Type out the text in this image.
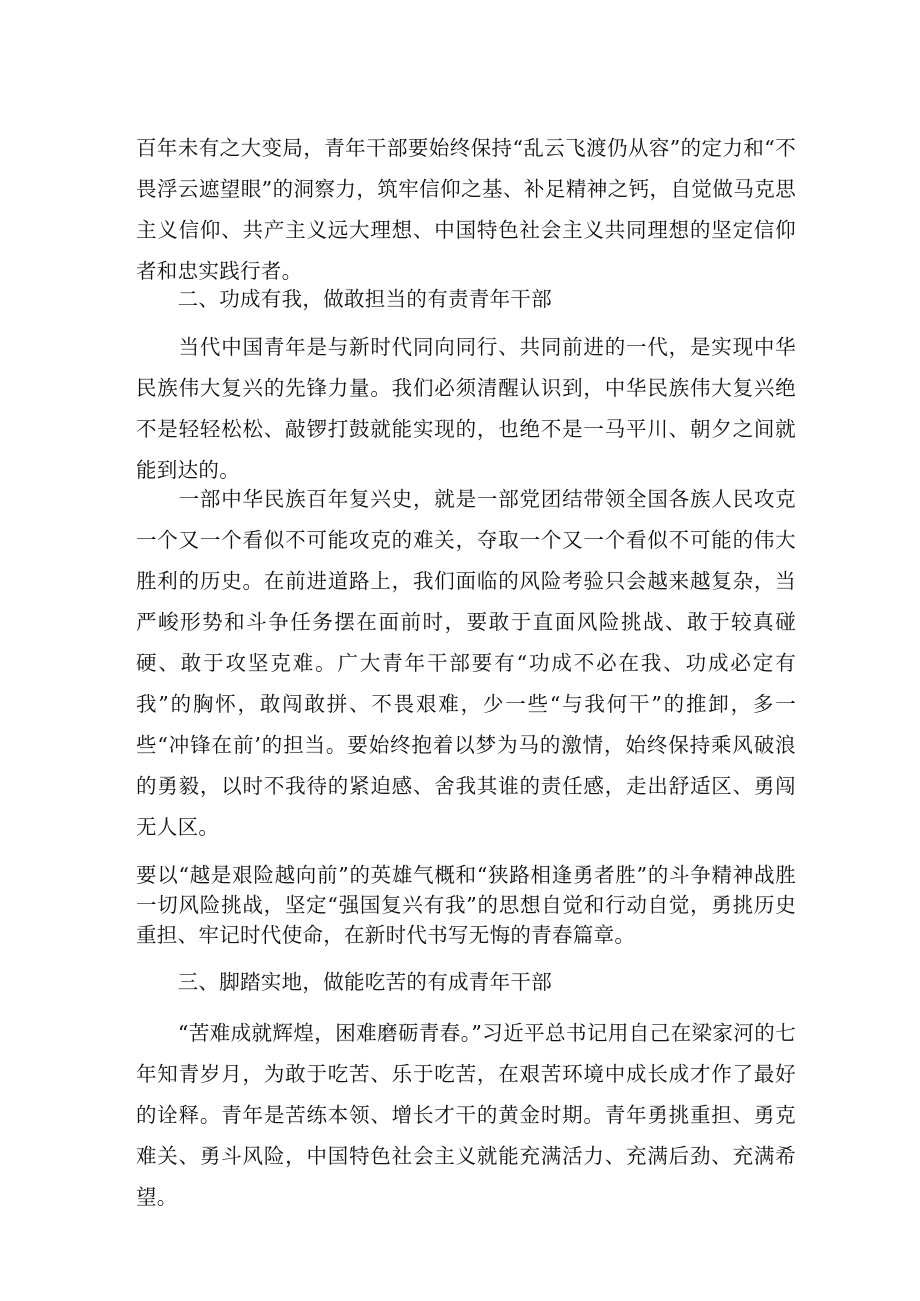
百年未有之大变局，青年干部要始终保持“乱云飞渡仍从容”的定力和“不畏浮云遮望眼”的洞察力，筑牢信仰之基、补足精神之钙，自觉做马克思主义信仰、共产主义远大理想、中国特色社会主义共同理想的坚定信仰者和忠实践行者。

　　二、功成有我，做敢担当的有责青年干部

　　当代中国青年是与新时代同向同行、共同前进的一代，是实现中华民族伟大复兴的先锋力量。我们必须清醒认识到，中华民族伟大复兴绝不是轻轻松松、敲锣打鼓就能实现的，也绝不是一马平川、朝夕之间就能到达的。

　　一部中华民族百年复兴史，就是一部党团结带领全国各族人民攻克一个又一个看似不可能攻克的难关，夺取一个又一个看似不可能的伟大胜利的历史。在前进道路上，我们面临的风险考验只会越来越复杂，当严峻形势和斗争任务摆在面前时，要敢于直面风险挑战、敢于较真碰硬、敢于攻坚克难。广大青年干部要有“功成不必在我、功成必定有我”的胸怀，敢闯敢拼、不畏艰难，少一些“与我何干”的推卸，多一些“冲锋在前’的担当。要始终抱着以梦为马的激情，始终保持乘风破浪的勇毅，以时不我待的紧迫感、舍我其谁的责任感，走出舒适区、勇闯无人区。

要以“越是艰险越向前”的英雄气概和“狭路相逢勇者胜”的斗争精神战胜一切风险挑战，坚定“强国复兴有我”的思想自觉和行动自觉，勇挑历史重担、牢记时代使命，在新时代书写无悔的青春篇章。

　　三、脚踏实地，做能吃苦的有成青年干部

　　“苦难成就辉煌，困难磨砺青春。”习近平总书记用自己在梁家河的七年知青岁月，为敢于吃苦、乐于吃苦，在艰苦环境中成长成才作了最好的诠释。青年是苦练本领、增长才干的黄金时期。青年勇挑重担、勇克难关、勇斗风险，中国特色社会主义就能充满活力、充满后劲、充满希望。
